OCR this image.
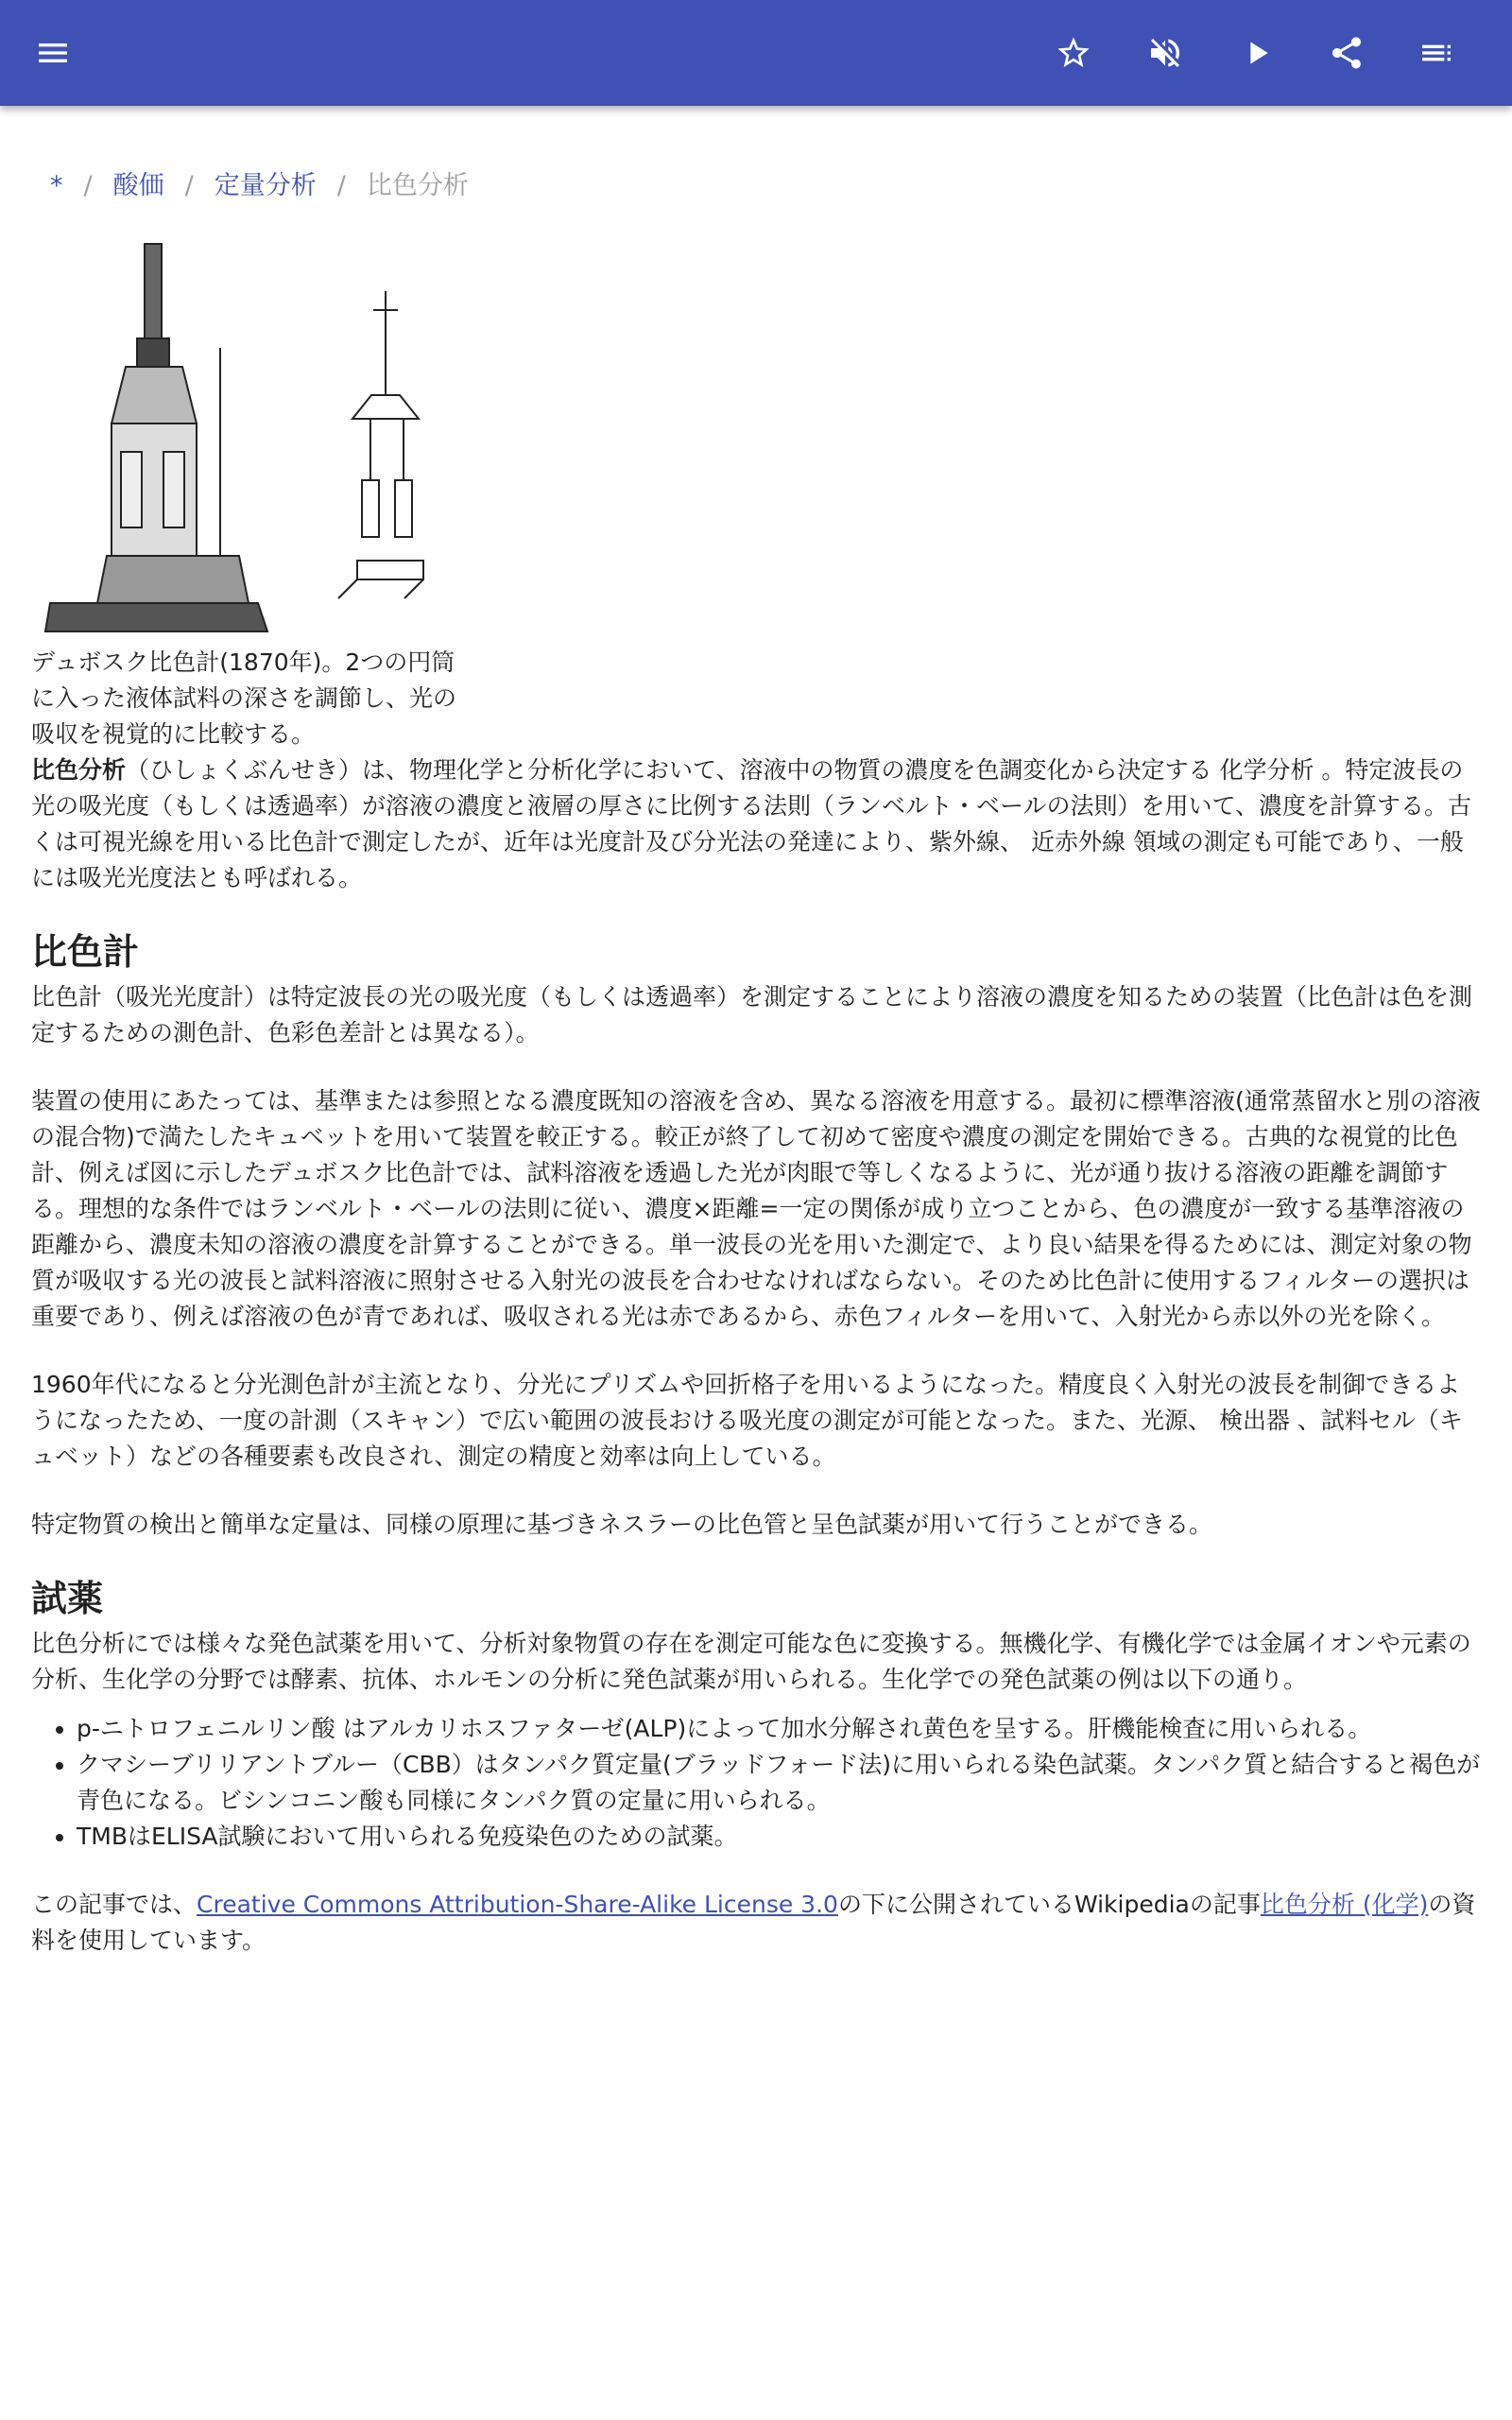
* / 酸価 / 定量分析 / 比色分析
デュボスク比色計(1870年)。2つの円筒に入った液体試料の深さを調節し、光の吸収を視覚的に比較する。

比色分析（ひしょくぶんせき）は、物理化学と分析化学において、溶液中の物質の濃度を色調変化から決定する 化学分析 。特定波長の光の吸光度（もしくは透過率）が溶液の濃度と液層の厚さに比例する法則（ランベルト・ベールの法則）を用いて、濃度を計算する。古くは可視光線を用いる比色計で測定したが、近年は光度計及び分光法の発達により、紫外線、 近赤外線 領域の測定も可能であり、一般には吸光光度法とも呼ばれる。

比色計

比色計（吸光光度計）は特定波長の光の吸光度（もしくは透過率）を測定することにより溶液の濃度を知るための装置（比色計は色を測定するための測色計、色彩色差計とは異なる）。

装置の使用にあたっては、基準または参照となる濃度既知の溶液を含め、異なる溶液を用意する。最初に標準溶液(通常蒸留水と別の溶液の混合物)で満たしたキュベットを用いて装置を較正する。較正が終了して初めて密度や濃度の測定を開始できる。古典的な視覚的比色計、例えば図に示したデュボスク比色計では、試料溶液を透過した光が肉眼で等しくなるように、光が通り抜ける溶液の距離を調節する。理想的な条件ではランベルト・ベールの法則に従い、濃度×距離=一定の関係が成り立つことから、色の濃度が一致する基準溶液の距離から、濃度未知の溶液の濃度を計算することができる。単一波長の光を用いた測定で、より良い結果を得るためには、測定対象の物質が吸収する光の波長と試料溶液に照射させる入射光の波長を合わせなければならない。そのため比色計に使用するフィルターの選択は重要であり、例えば溶液の色が青であれば、吸収される光は赤であるから、赤色フィルターを用いて、入射光から赤以外の光を除く。

1960年代になると分光測色計が主流となり、分光にプリズムや回折格子を用いるようになった。精度良く入射光の波長を制御できるようになったため、一度の計測（スキャン）で広い範囲の波長おける吸光度の測定が可能となった。また、光源、 検出器 、試料セル（キュベット）などの各種要素も改良され、測定の精度と効率は向上している。

特定物質の検出と簡単な定量は、同様の原理に基づきネスラーの比色管と呈色試薬が用いて行うことができる。

試薬

比色分析にでは様々な発色試薬を用いて、分析対象物質の存在を測定可能な色に変換する。無機化学、有機化学では金属イオンや元素の分析、生化学の分野では酵素、抗体、ホルモンの分析に発色試薬が用いられる。生化学での発色試薬の例は以下の通り。

• p-ニトロフェニルリン酸 はアルカリホスファターゼ(ALP)によって加水分解され黄色を呈する。肝機能検査に用いられる。
• クマシーブリリアントブルー（CBB）はタンパク質定量(ブラッドフォード法)に用いられる染色試薬。タンパク質と結合すると褐色が青色になる。ビシンコニン酸も同様にタンパク質の定量に用いられる。
• TMBはELISA試験において用いられる免疫染色のための試薬。

この記事では、Creative Commons Attribution-Share-Alike License 3.0の下に公開されているWikipediaの記事比色分析 (化学)の資料を使用しています。
